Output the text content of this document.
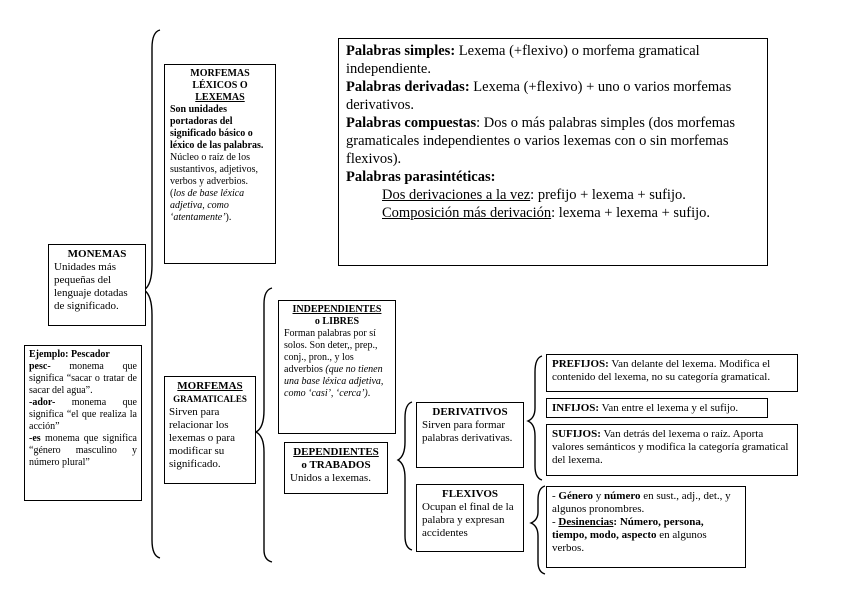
MONEMAS
Unidades más pequeñas del lenguaje dotadas de significado.
Ejemplo: Pescador
pesc- monema que significa “sacar o tratar de sacar del agua”.
-ador- monema que significa “el que realiza la acción”
-es monema que significa “género masculino y número plural”
MORFEMAS
LÉXICOS O
LEXEMAS
Son unidades portadoras del significado básico o léxico de las palabras.
Núcleo o raíz de los sustantivos, adjetivos, verbos y adverbios.
(los de base léxica adjetiva, como ‘atentamente’).
Palabras simples: Lexema (+flexivo) o morfema gramatical independiente.
Palabras derivadas: Lexema (+flexivo) + uno o varios morfemas derivativos.
Palabras compuestas: Dos o más palabras simples (dos morfemas gramaticales independientes o varios lexemas con o sin morfemas flexivos).
Palabras parasintéticas:
Dos derivaciones a la vez: prefijo + lexema + sufijo.
Composición más derivación: lexema + lexema + sufijo.
MORFEMAS
GRAMATICALES
Sirven para relacionar los lexemas o para modificar su significado.
INDEPENDIENTES
o LIBRES
Forman palabras por sí solos. Son deter,, prep., conj., pron., y los adverbios (que no tienen una base léxica adjetiva, como ‘casi’, ‘cerca’).
DEPENDIENTES
o TRABADOS
Unidos a lexemas.
DERIVATIVOS
Sirven para formar palabras derivativas.
FLEXIVOS
Ocupan el final de la palabra y expresan accidentes
PREFIJOS: Van delante del lexema. Modifica el contenido del lexema, no su categoría gramatical.
INFIJOS: Van entre el lexema y el sufijo.
SUFIJOS: Van detrás del lexema o raíz. Aporta valores semánticos y modifica la categoría gramatical del lexema.
- Género y número en sust., adj., det., y algunos pronombres.
- Desinencias: Número, persona, tiempo, modo, aspecto en algunos verbos.
